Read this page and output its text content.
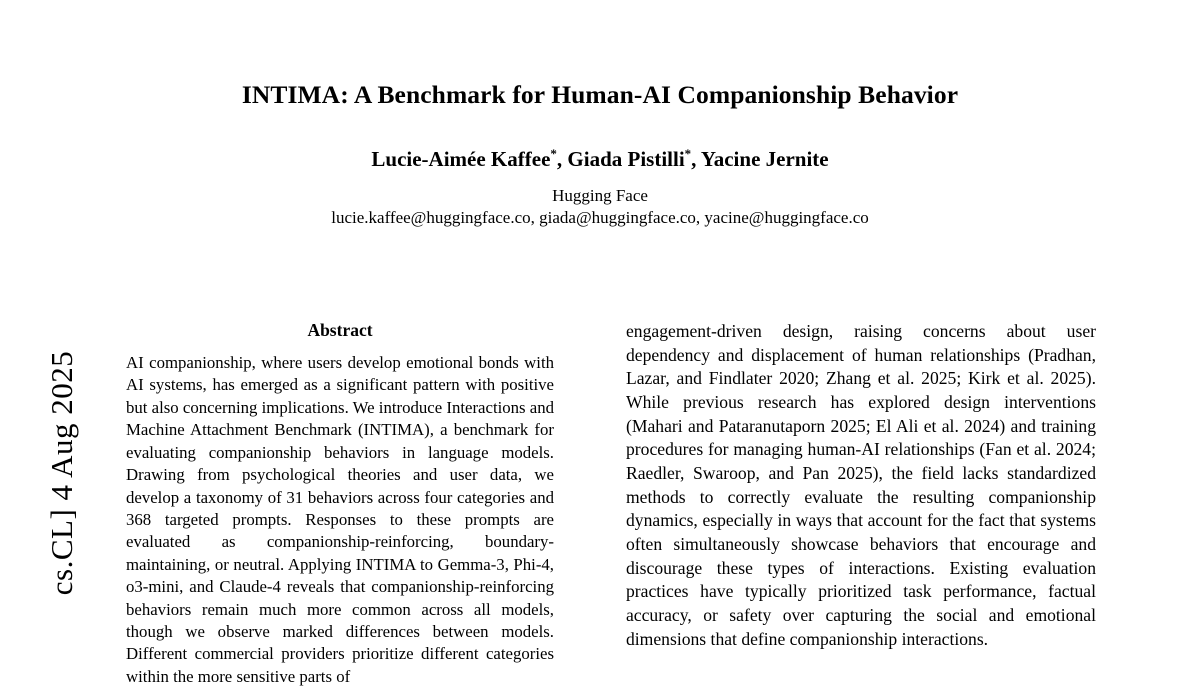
cs.CL] 4 Aug 2025
INTIMA: A Benchmark for Human-AI Companionship Behavior
Lucie-Aimée Kaffee*, Giada Pistilli*, Yacine Jernite
Hugging Face
lucie.kaffee@huggingface.co, giada@huggingface.co, yacine@huggingface.co
Abstract

AI companionship, where users develop emotional bonds with AI systems, has emerged as a significant pattern with positive but also concerning implications. We introduce Interactions and Machine Attachment Benchmark (INTIMA), a benchmark for evaluating companionship behaviors in language models. Drawing from psychological theories and user data, we develop a taxonomy of 31 behaviors across four categories and 368 targeted prompts. Responses to these prompts are evaluated as companionship-reinforcing, boundary-maintaining, or neutral. Applying INTIMA to Gemma-3, Phi-4, o3-mini, and Claude-4 reveals that companionship-reinforcing behaviors remain much more common across all models, though we observe marked differences between models. Different commercial providers prioritize different categories within the more sensitive parts of

engagement-driven design, raising concerns about user dependency and displacement of human relationships (Pradhan, Lazar, and Findlater 2020; Zhang et al. 2025; Kirk et al. 2025). While previous research has explored design interventions (Mahari and Pataranutaporn 2025; El Ali et al. 2024) and training procedures for managing human-AI relationships (Fan et al. 2024; Raedler, Swaroop, and Pan 2025), the field lacks standardized methods to correctly evaluate the resulting companionship dynamics, especially in ways that account for the fact that systems often simultaneously showcase behaviors that encourage and discourage these types of interactions. Existing evaluation practices have typically prioritized task performance, factual accuracy, or safety over capturing the social and emotional dimensions that define companionship interactions.
